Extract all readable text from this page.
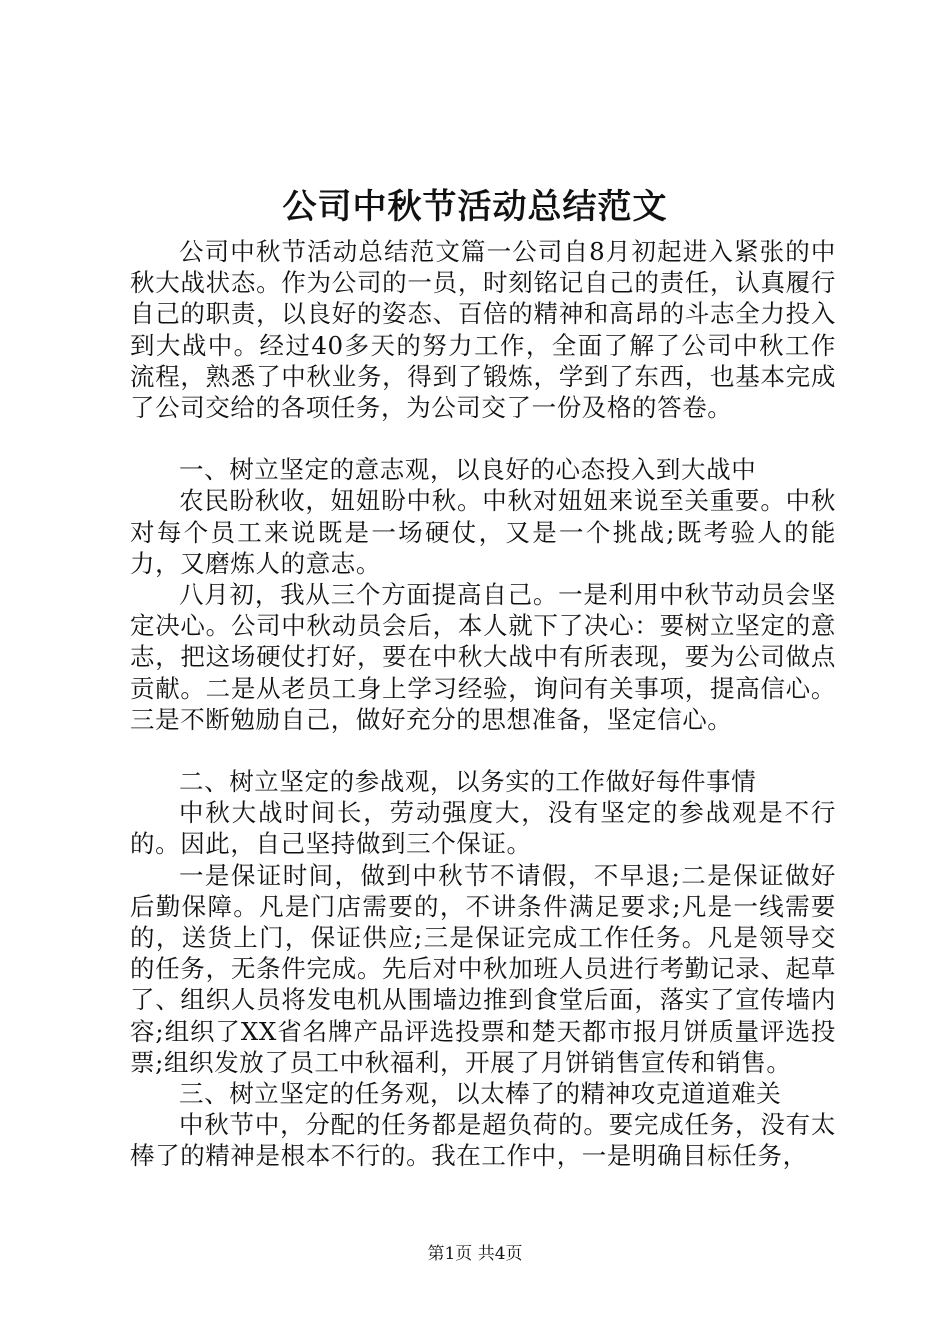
公司中秋节活动总结范文

公司中秋节活动总结范文篇一公司自8月初起进入紧张的中秋大战状态。作为公司的一员，时刻铭记自己的责任，认真履行自己的职责，以良好的姿态、百倍的精神和高昂的斗志全力投入到大战中。经过40多天的努力工作，全面了解了公司中秋工作流程，熟悉了中秋业务，得到了锻炼，学到了东西，也基本完成了公司交给的各项任务，为公司交了一份及格的答卷。

一、树立坚定的意志观，以良好的心态投入到大战中

农民盼秋收，妞妞盼中秋。中秋对妞妞来说至关重要。中秋对每个员工来说既是一场硬仗，又是一个挑战;既考验人的能力，又磨炼人的意志。

八月初，我从三个方面提高自己。一是利用中秋节动员会坚定决心。公司中秋动员会后，本人就下了决心：要树立坚定的意志，把这场硬仗打好，要在中秋大战中有所表现，要为公司做点贡献。二是从老员工身上学习经验，询问有关事项，提高信心。三是不断勉励自己，做好充分的思想准备，坚定信心。

二、树立坚定的参战观，以务实的工作做好每件事情

中秋大战时间长，劳动强度大，没有坚定的参战观是不行的。因此，自己坚持做到三个保证。

一是保证时间，做到中秋节不请假，不早退;二是保证做好后勤保障。凡是门店需要的，不讲条件满足要求;凡是一线需要的，送货上门，保证供应;三是保证完成工作任务。凡是领导交的任务，无条件完成。先后对中秋加班人员进行考勤记录、起草了、组织人员将发电机从围墙边推到食堂后面，落实了宣传墙内容;组织了XX省名牌产品评选投票和楚天都市报月饼质量评选投票;组织发放了员工中秋福利，开展了月饼销售宣传和销售。

三、树立坚定的任务观，以太棒了的精神攻克道道难关

中秋节中，分配的任务都是超负荷的。要完成任务，没有太棒了的精神是根本不行的。我在工作中，一是明确目标任务，

第1页 共4页
